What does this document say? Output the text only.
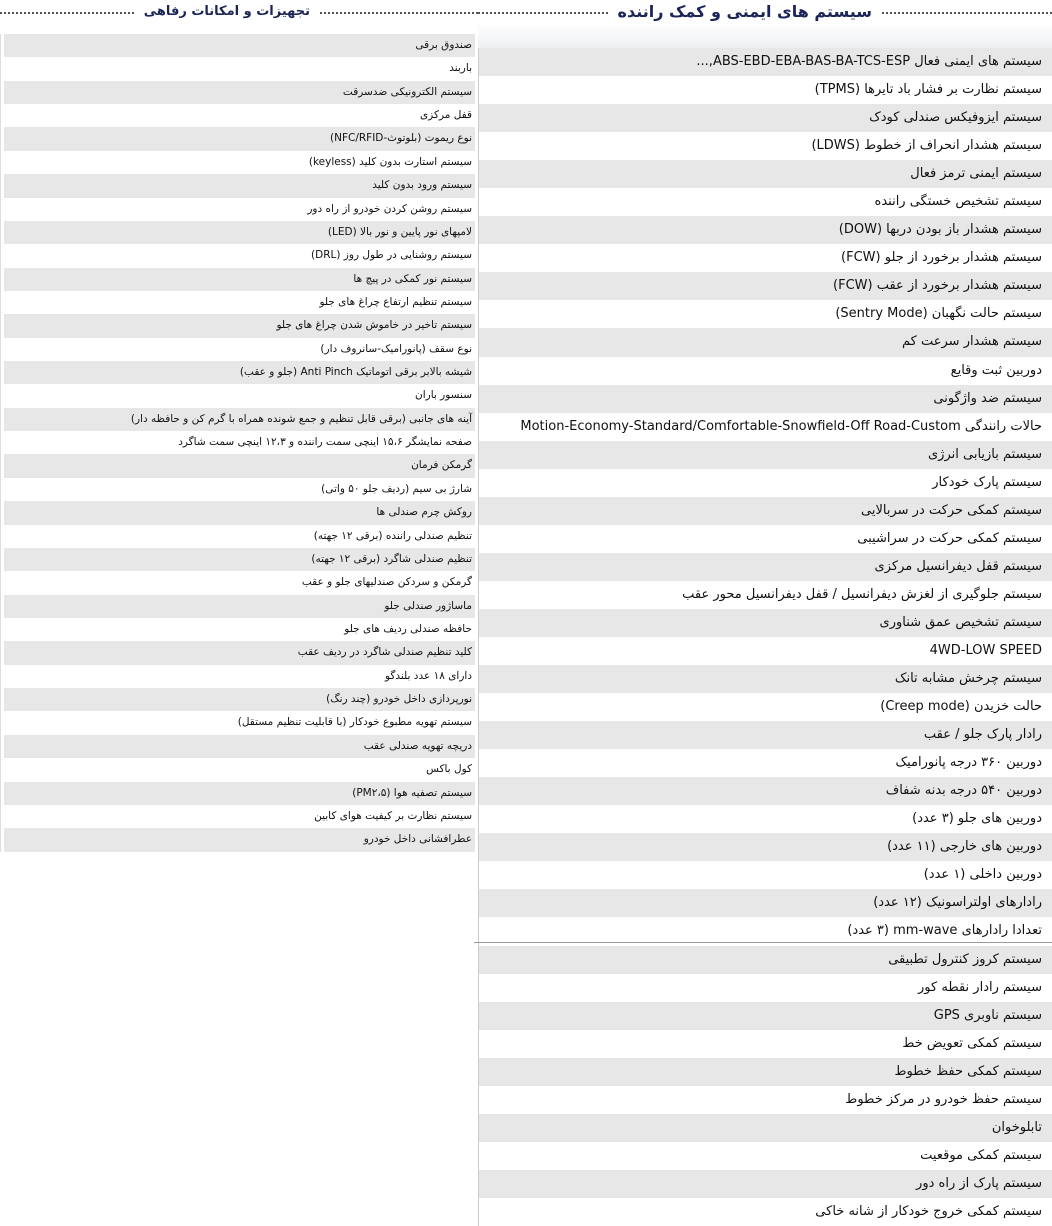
تجهیزات و امکانات رفاهی
صندوق برقی
باربند
سیستم الکترونیکی ضدسرقت
قفل مرکزی
نوع ریموت (بلوتوث-NFC/RFID)
سیستم استارت بدون کلید (keyless)
سیستم ورود بدون کلید
سیستم روشن کردن خودرو از راه دور
لامپهای نور پایین و نور بالا (LED)
سیستم روشنایی در طول روز (DRL)
سیستم نور کمکی در پیچ ها
سیستم تنظیم ارتفاع چراغ های جلو
سیستم تاخیر در خاموش شدن چراغ های جلو
نوع سقف (پانورامیک-سانروف دار)
شیشه بالابر برقی اتوماتیک Anti Pinch (جلو و عقب)
سنسور باران
آینه های جانبی (برقی قابل تنظیم و جمع شونده همراه با گرم کن و حافظه دار)
صفحه نمایشگر ۱۵،۶ اینچی سمت راننده و ۱۲،۳ اینچی سمت شاگرد
گرمکن فرمان
شارژ بی سیم (ردیف جلو ۵۰ واتی)
روکش چرم صندلی ها
تنظیم صندلی راننده (برقی ۱۲ جهته)
تنظیم صندلی شاگرد (برقی ۱۲ جهته)
گرمکن و سردکن صندلیهای جلو و عقب
ماساژور صندلی جلو
حافظه صندلی ردیف های جلو
کلید تنظیم صندلی شاگرد در ردیف عقب
دارای ۱۸ عدد بلندگو
نورپردازی داخل خودرو (چند رنگ)
سیستم تهویه مطبوع خودکار (با قابلیت تنظیم مستقل)
دریچه تهویه صندلی عقب
کول باکس
سیستم تصفیه هوا (PM۲،۵)
سیستم نظارت بر کیفیت هوای کابین
عطرافشانی داخل خودرو
سیستم های ایمنی و کمک راننده
سیستم های ایمنی فعال ABS-EBD-EBA-BAS-BA-TCS-ESP,...
سیستم نظارت بر فشار باد تایرها (TPMS)
سیستم ایزوفیکس صندلی کودک
سیستم هشدار انحراف از خطوط (LDWS)
سیستم ایمنی ترمز فعال
سیستم تشخیص خستگی راننده
سیستم هشدار باز بودن دربها (DOW)
سیستم هشدار برخورد از جلو (FCW)
سیستم هشدار برخورد از عقب (FCW)
سیستم حالت نگهبان (Sentry Mode)
سیستم هشدار سرعت کم
دوربین ثبت وقایع
سیستم ضد واژگونی
حالات رانندگی Motion-Economy-Standard/Comfortable-Snowfield-Off Road-Custom
سیستم بازیابی انرژی
سیستم پارک خودکار
سیستم کمکی حرکت در سربالایی
سیستم کمکی حرکت در سراشیبی
سیستم قفل دیفرانسیل مرکزی
سیستم جلوگیری از لغزش دیفرانسیل / قفل دیفرانسیل محور عقب
سیستم تشخیص عمق شناوری
4WD-LOW SPEED
سیستم چرخش مشابه تانک
حالت خزیدن (Creep mode)
رادار پارک جلو / عقب
دوربین ۳۶۰ درجه پانورامیک
دوربین ۵۴۰ درجه بدنه شفاف
دوربین های جلو (۳ عدد)
دوربین های خارجی (۱۱ عدد)
دوربین داخلی (۱ عدد)
رادارهای اولتراسونیک (۱۲ عدد)
تعدادا رادارهای mm-wave (۳ عدد)
سیستم کروز کنترول تطبیقی
سیستم رادار نقطه کور
سیستم ناوبری GPS
سیستم کمکی تعویض خط
سیستم کمکی حفظ خطوط
سیستم حفظ خودرو در مرکز خطوط
تابلوخوان
سیستم کمکی موقعیت
سیستم پارک از راه دور
سیستم کمکی خروج خودکار از شانه خاکی
